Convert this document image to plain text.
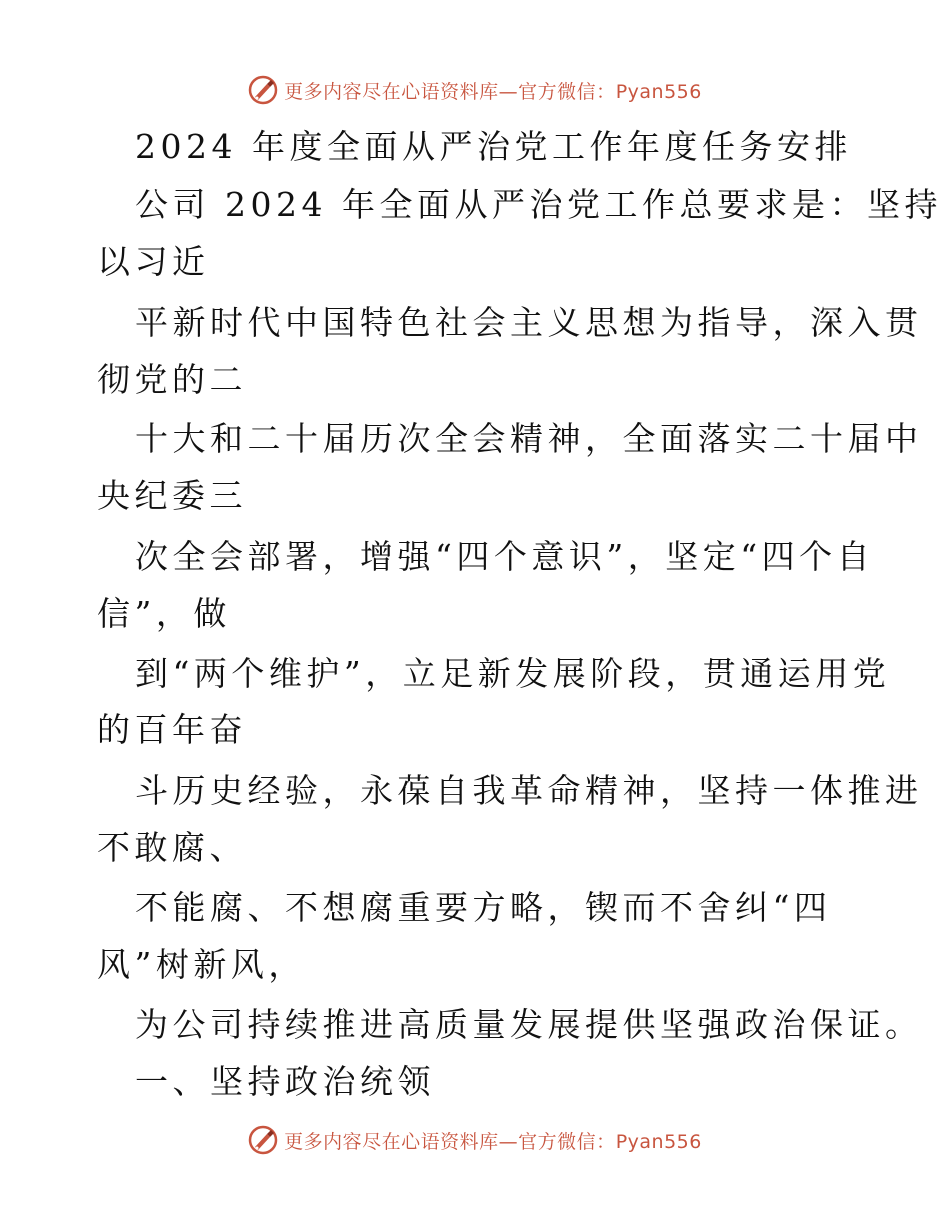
更多内容尽在心语资料库—官方微信：Pyan556
2024 年度全面从严治党工作年度任务安排
公司 2024 年全面从严治党工作总要求是：坚持
以习近
平新时代中国特色社会主义思想为指导，深入贯
彻党的二
十大和二十届历次全会精神，全面落实二十届中
央纪委三
次全会部署，增强“四个意识”，坚定“四个自
信”，做
到“两个维护”，立足新发展阶段，贯通运用党
的百年奋
斗历史经验，永葆自我革命精神，坚持一体推进
不敢腐、
不能腐、不想腐重要方略，锲而不舍纠“四
风”树新风，
为公司持续推进高质量发展提供坚强政治保证。
一、坚持政治统领
更多内容尽在心语资料库—官方微信：Pyan556
